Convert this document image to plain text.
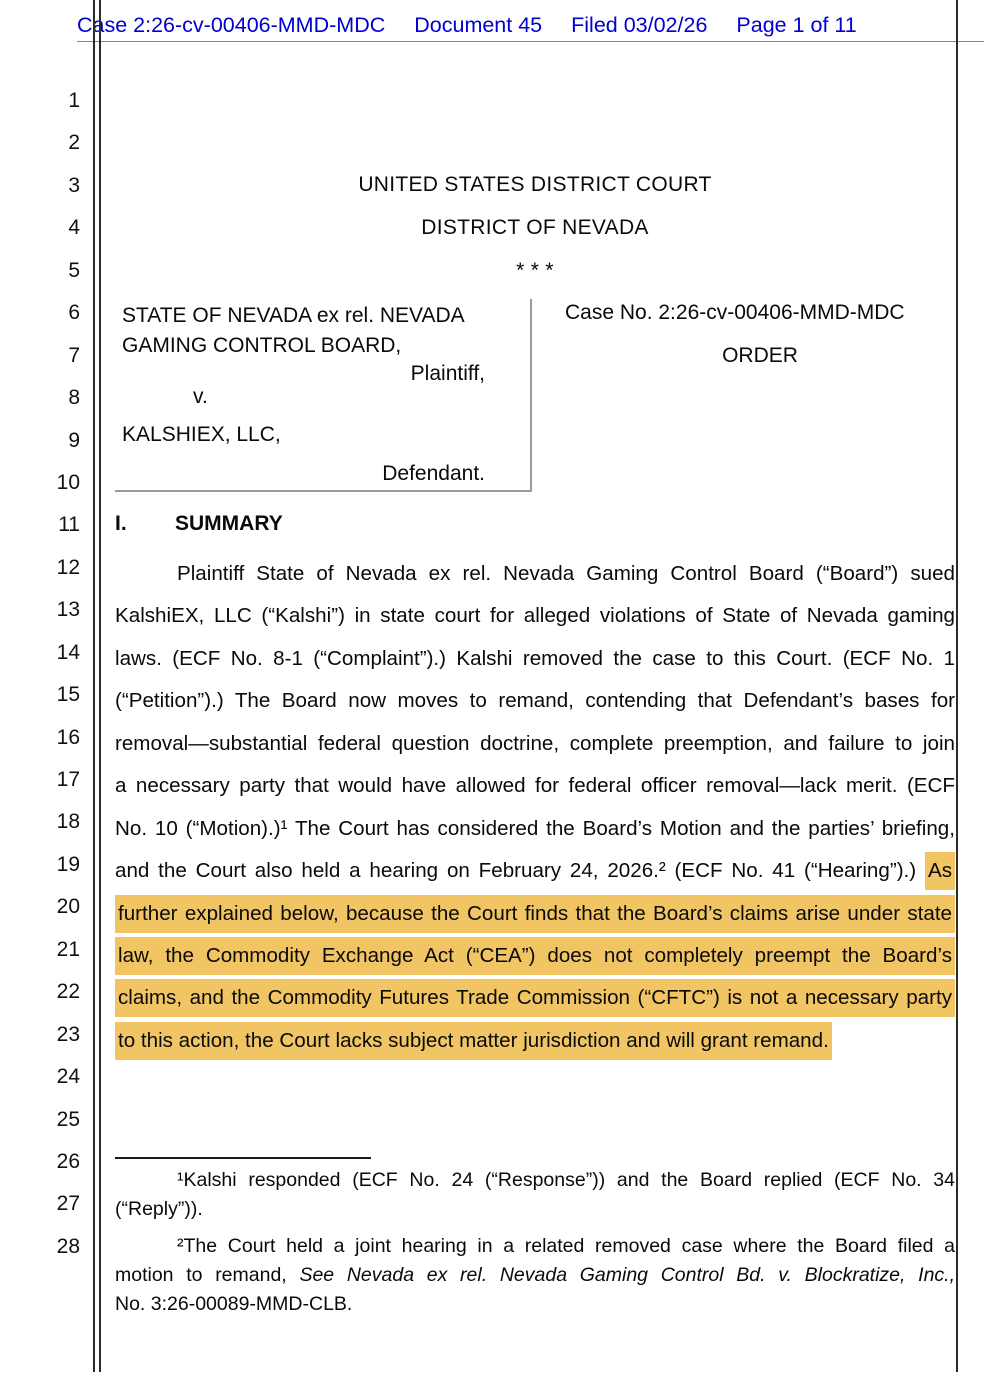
Case 2:26-cv-00406-MMD-MDC Document 45 Filed 03/02/26 Page 1 of 11
1
2
3
4
5
6
7
8
9
10
11
12
13
14
15
16
17
18
19
20
21
22
23
24
25
26
27
28
UNITED STATES DISTRICT COURT
DISTRICT OF NEVADA
* * *
STATE OF NEVADA ex rel. NEVADA GAMING CONTROL BOARD,
Plaintiff,
v.
KALSHIEX, LLC,
Defendant.
Case No. 2:26-cv-00406-MMD-MDC
ORDER
I. SUMMARY
Plaintiff State of Nevada ex rel. Nevada Gaming Control Board (“Board”) sued
KalshiEX, LLC (“Kalshi”) in state court for alleged violations of State of Nevada gaming
laws. (ECF No. 8-1 (“Complaint”).) Kalshi removed the case to this Court. (ECF No. 1
(“Petition”).) The Board now moves to remand, contending that Defendant’s bases for
removal—substantial federal question doctrine, complete preemption, and failure to join
a necessary party that would have allowed for federal officer removal—lack merit. (ECF
No. 10 (“Motion).)¹ The Court has considered the Board’s Motion and the parties’ briefing,
and the Court also held a hearing on February 24, 2026.² (ECF No. 41 (“Hearing”).) As
further explained below, because the Court finds that the Board’s claims arise under state
law, the Commodity Exchange Act (“CEA”) does not completely preempt the Board’s
claims, and the Commodity Futures Trade Commission (“CFTC”) is not a necessary party
to this action, the Court lacks subject matter jurisdiction and will grant remand.
¹Kalshi responded (ECF No. 24 (“Response”)) and the Board replied (ECF No. 34
(“Reply”)).
²The Court held a joint hearing in a related removed case where the Board filed a
motion to remand, See Nevada ex rel. Nevada Gaming Control Bd. v. Blockratize, Inc.,
No. 3:26-00089-MMD-CLB.
